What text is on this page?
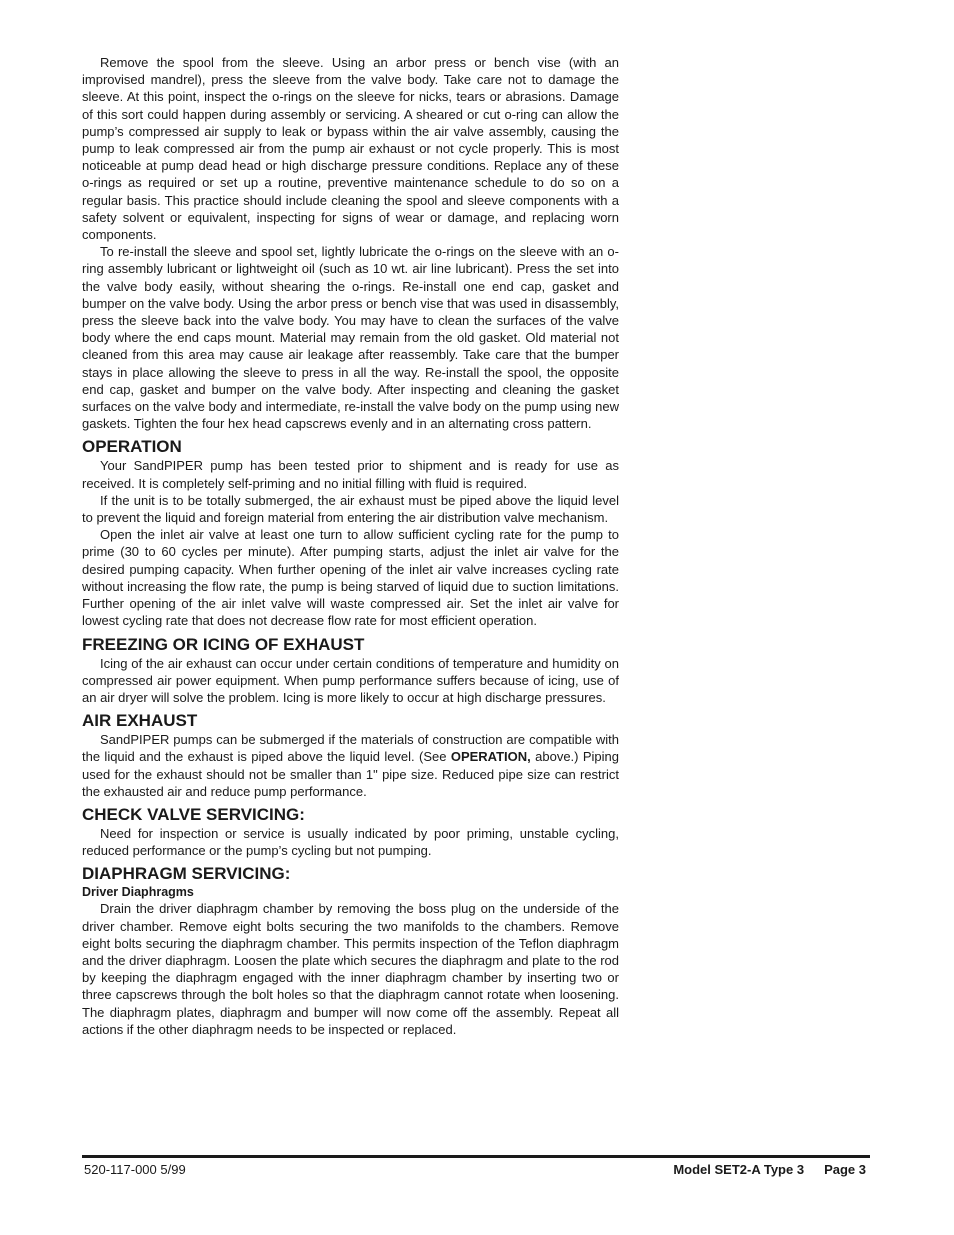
Remove the spool from the sleeve. Using an arbor press or bench vise (with an improvised mandrel), press the sleeve from the valve body. Take care not to damage the sleeve. At this point, inspect the o-rings on the sleeve for nicks, tears or abrasions. Damage of this sort could happen during assembly or servicing. A sheared or cut o-ring can allow the pump’s compressed air supply to leak or bypass within the air valve assembly, causing the pump to leak compressed air from the pump air exhaust or not cycle properly. This is most noticeable at pump dead head or high discharge pressure conditions. Replace any of these o-rings as required or set up a routine, preventive maintenance schedule to do so on a regular basis. This practice should include cleaning the spool and sleeve components with a safety solvent or equivalent, inspecting for signs of wear or damage, and replacing worn components.

To re-install the sleeve and spool set, lightly lubricate the o-rings on the sleeve with an o-ring assembly lubricant or lightweight oil (such as 10 wt. air line lubricant). Press the set into the valve body easily, without shearing the o-rings. Re-install one end cap, gasket and bumper on the valve body. Using the arbor press or bench vise that was used in disassembly, press the sleeve back into the valve body. You may have to clean the surfaces of the valve body where the end caps mount. Material may remain from the old gasket. Old material not cleaned from this area may cause air leakage after reassembly. Take care that the bumper stays in place allowing the sleeve to press in all the way. Re-install the spool, the opposite end cap, gasket and bumper on the valve body. After inspecting and cleaning the gasket surfaces on the valve body and intermediate, re-install the valve body on the pump using new gaskets. Tighten the four hex head capscrews evenly and in an alternating cross pattern.

OPERATION

Your SandPIPER pump has been tested prior to shipment and is ready for use as received. It is completely self-priming and no initial filling with fluid is required.

If the unit is to be totally submerged, the air exhaust must be piped above the liquid level to prevent the liquid and foreign material from entering the air distribution valve mechanism.

Open the inlet air valve at least one turn to allow sufficient cycling rate for the pump to prime (30 to 60 cycles per minute). After pumping starts, adjust the inlet air valve for the desired pumping capacity. When further opening of the inlet air valve increases cycling rate without increasing the flow rate, the pump is being starved of liquid due to suction limitations. Further opening of the air inlet valve will waste compressed air. Set the inlet air valve for lowest cycling rate that does not decrease flow rate for most efficient operation.

FREEZING OR ICING OF EXHAUST

Icing of the air exhaust can occur under certain conditions of temperature and humidity on compressed air power equipment. When pump performance suffers because of icing, use of an air dryer will solve the problem. Icing is more likely to occur at high discharge pressures.

AIR EXHAUST

SandPIPER pumps can be submerged if the materials of construction are compatible with the liquid and the exhaust is piped above the liquid level. (See OPERATION, above.) Piping used for the exhaust should not be smaller than 1" pipe size. Reduced pipe size can restrict the exhausted air and reduce pump performance.

CHECK VALVE SERVICING:

Need for inspection or service is usually indicated by poor priming, unstable cycling, reduced performance or the pump’s cycling but not pumping.

DIAPHRAGM SERVICING:
Driver Diaphragms

Drain the driver diaphragm chamber by removing the boss plug on the underside of the driver chamber. Remove eight bolts securing the two manifolds to the chambers. Remove eight bolts securing the diaphragm chamber. This permits inspection of the Teflon diaphragm and the driver diaphragm. Loosen the plate which secures the diaphragm and plate to the rod by keeping the diaphragm engaged with the inner diaphragm chamber by inserting two or three capscrews through the bolt holes so that the diaphragm cannot rotate when loosening. The diaphragm plates, diaphragm and bumper will now come off the assembly. Repeat all actions if the other diaphragm needs to be inspected or replaced.

520-117-000 5/99	Model SET2-A Type 3 Page 3
